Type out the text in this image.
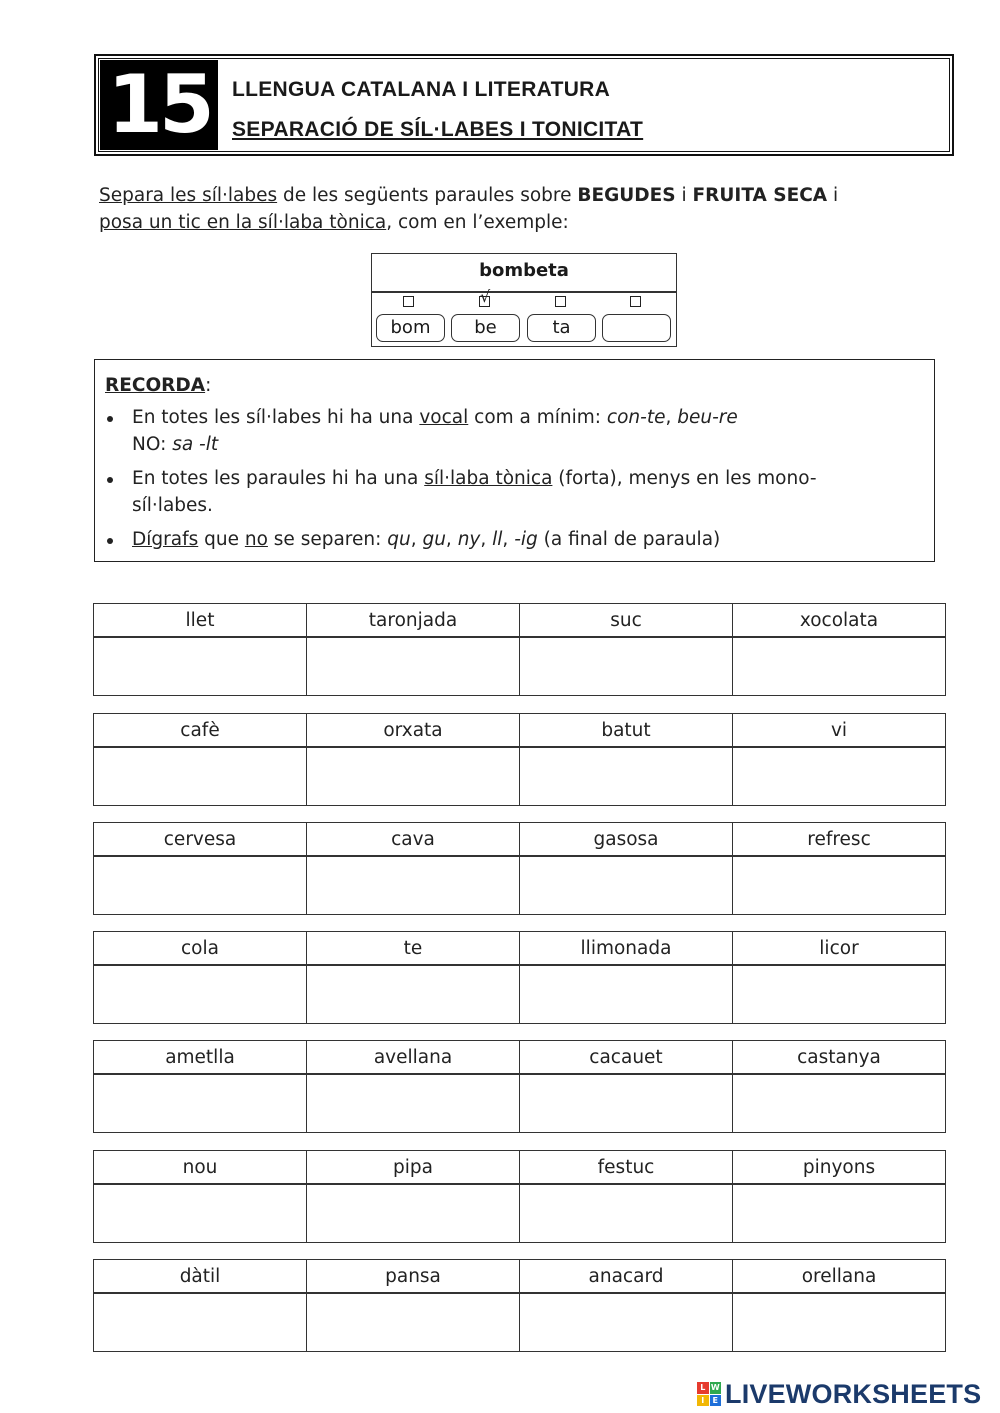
15	LLENGUA CATALANA I LITERATURA
SEPARACIÓ DE SÍL·LABES I TONICITAT
Separa les síl·labes de les següents paraules sobre BEGUDES i FRUITA SECA i
posa un tic en la síl·laba tònica, com en l’exemple:
bombeta
√
bom	be	ta
RECORDA:
En totes les síl·labes hi ha una vocal com a mínim: con-te, beu-re
NO: sa -lt
En totes les paraules hi ha una síl·laba tònica (forta), menys en les mono-
síl·labes.
Dígrafs que no se separen: qu, gu, ny, ll, -ig (a final de paraula)
llet	taronjada	suc	xocolata

cafè	orxata	batut	vi

cervesa	cava	gasosa	refresc

cola	te	llimonada	licor

ametlla	avellana	cacauet	castanya

nou	pipa	festuc	pinyons

dàtil	pansa	anacard	orellana

L W
I	E LIVEWORKSHEETS
